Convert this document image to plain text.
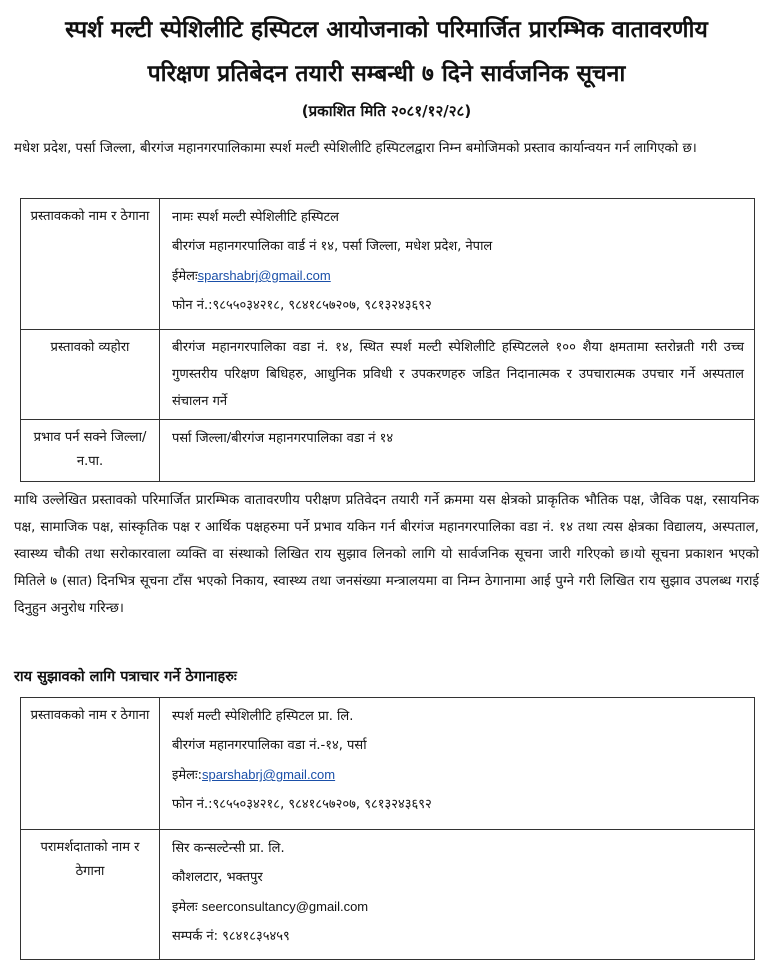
स्पर्श मल्टी स्पेशिलीटि हस्पिटल आयोजनाको परिमार्जित प्रारम्भिक वातावरणीय
परिक्षण प्रतिबेदन तयारी सम्बन्धी ७ दिने सार्वजनिक सूचना
(प्रकाशित मिति २०८१/१२/२८)
मधेश प्रदेश, पर्सा जिल्ला, बीरगंज महानगरपालिकामा स्पर्श मल्टी स्पेशिलीटि हस्पिटलद्वारा निम्न बमोजिमको प्रस्ताव कार्यान्वयन गर्न लागिएको छ।
प्रस्तावकको नाम र ठेगाना	नामः स्पर्श मल्टी स्पेशिलीटि हस्पिटल
बीरगंज महानगरपालिका वार्ड नं १४, पर्सा जिल्ला, मधेश प्रदेश, नेपाल
ईमेलःsparshabrj@gmail.com
फोन नं.:९८५५०३४२१८, ९८४१८५७२०७, ९८१३२४३६९२

प्रस्तावको व्यहोरा	बीरगंज महानगरपालिका वडा नं. १४, स्थित स्पर्श मल्टी स्पेशिलीटि हस्पिटलले १०० शैया क्षमतामा स्तरोन्नती गरी उच्च गुणस्तरीय परिक्षण बिधिहरु, आधुनिक प्रविधी र उपकरणहरु जडित निदानात्मक र उपचारात्मक उपचार गर्ने अस्पताल संचालन गर्ने

प्रभाव पर्न सक्ने जिल्ला/न.पा.	पर्सा जिल्ला/बीरगंज महानगरपालिका वडा नं १४
माथि उल्लेखित प्रस्तावको परिमार्जित प्रारम्भिक वातावरणीय परीक्षण प्रतिवेदन तयारी गर्ने क्रममा यस क्षेत्रको प्राकृतिक भौतिक पक्ष, जैविक पक्ष, रसायनिक पक्ष, सामाजिक पक्ष, सांस्कृतिक पक्ष र आर्थिक पक्षहरुमा पर्ने प्रभाव यकिन गर्न बीरगंज महानगरपालिका वडा नं. १४ तथा त्यस क्षेत्रका विद्यालय, अस्पताल, स्वास्थ्य चौकी तथा सरोकारवाला व्यक्ति वा संस्थाको लिखित राय सुझाव लिनको लागि यो सार्वजनिक सूचना जारी गरिएको छ।यो सूचना प्रकाशन भएको मितिले ७ (सात) दिनभित्र सूचना टाँस भएको निकाय, स्वास्थ्य तथा जनसंख्या मन्त्रालयमा वा निम्न ठेगानामा आई पुग्ने गरी लिखित राय सुझाव उपलब्ध गराई दिनुहुन अनुरोध गरिन्छ।
राय सुझावको लागि पत्राचार गर्ने ठेगानाहरुः
प्रस्तावकको नाम र ठेगाना	स्पर्श मल्टी स्पेशिलीटि हस्पिटल प्रा. लि.
बीरगंज महानगरपालिका वडा नं.-१४, पर्सा
इमेलः:sparshabrj@gmail.com
फोन नं.:९८५५०३४२१८, ९८४१८५७२०७, ९८१३२४३६९२

परामर्शदाताको नाम र ठेगाना	सिर कन्सल्टेन्सी प्रा. लि.
कौशलटार, भक्तपुर
इमेलः seerconsultancy@gmail.com
सम्पर्क नं: ९८४१८३५४५९
